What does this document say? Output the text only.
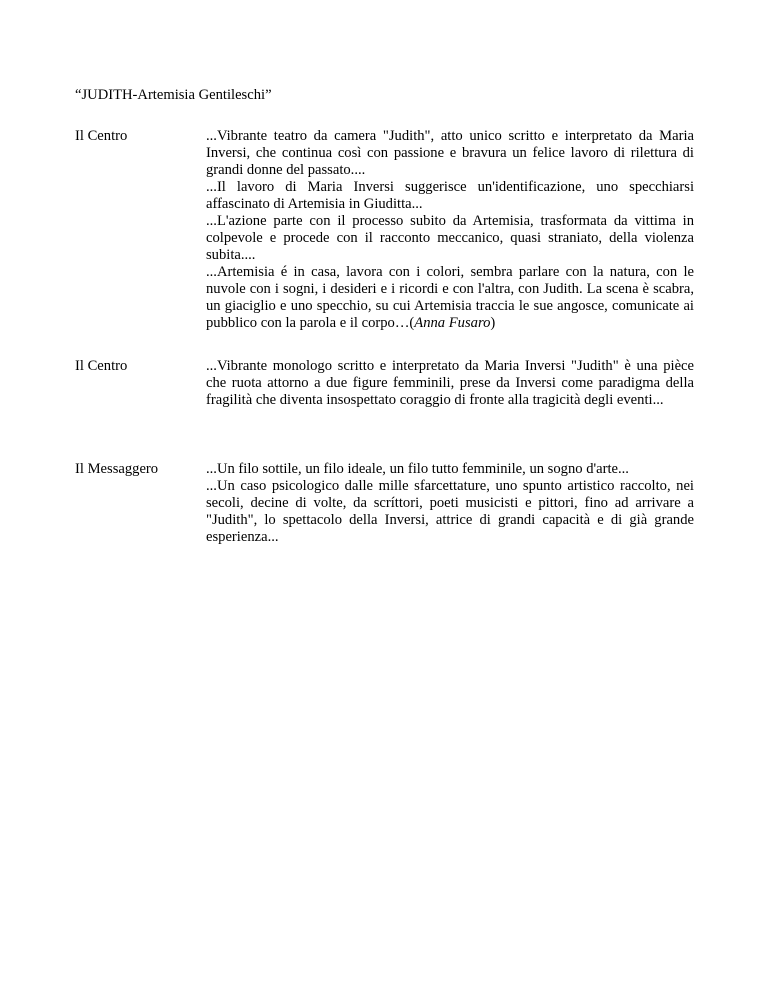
“JUDITH-Artemisia Gentileschi”
Il Centro	...Vibrante teatro da camera "Judith", atto unico scritto e interpretato da Maria Inversi, che continua così con passione e bravura un felice lavoro di rilettura di grandi donne del passato....

...Il lavoro di Maria Inversi suggerisce un'identificazione, uno specchiarsi affascinato di Artemisia in Giuditta...

...L'azione parte con il processo subito da Artemisia, trasformata da vittima in colpevole e procede con il racconto meccanico, quasi straniato, della violenza subita....

...Artemisia é in casa, lavora con i colori, sembra parlare con la natura, con le nuvole con i sogni, i desideri e i ricordi e con l'altra, con Judith. La scena è scabra, un giaciglio e uno specchio, su cui Artemisia traccia le sue angosce, comunicate ai pubblico con la parola e il corpo…(Anna Fusaro)

Il Centro	...Vibrante monologo scritto e interpretato da Maria Inversi "Judith" è una pièce che ruota attorno a due figure femminili, prese da Inversi come paradigma della fragilità che diventa insospettato coraggio di fronte alla tragicità degli eventi...

Il Messaggero	...Un filo sottile, un filo ideale, un filo tutto femminile, un sogno d'arte...

...Un caso psicologico dalle mille sfarcettature, uno spunto artistico raccolto, nei secoli, decine di volte, da scríttori, poeti musicisti e pittori, fino ad arrivare a "Judith", lo spettacolo della Inversi, attrice di grandi capacità e di già grande esperienza...
